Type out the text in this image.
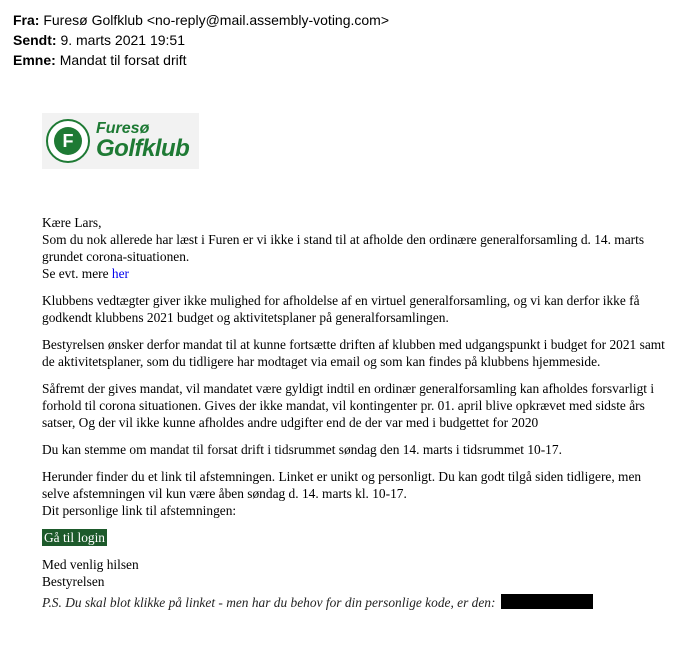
Fra: Furesø Golfklub <no-reply@mail.assembly-voting.com>
Sendt: 9. marts 2021 19:51
Emne: Mandat til forsat drift
F
Furesø
Golfklub

Kære Lars,
Som du nok allerede har læst i Furen er vi ikke i stand til at afholde den ordinære generalforsamling d. 14. marts grundet corona-situationen.
Se evt. mere her

Klubbens vedtægter giver ikke mulighed for afholdelse af en virtuel generalforsamling, og vi kan derfor ikke få godkendt klubbens 2021 budget og aktivitetsplaner på generalforsamlingen.

Bestyrelsen ønsker derfor mandat til at kunne fortsætte driften af klubben med udgangspunkt i budget for 2021 samt de aktivitetsplaner, som du tidligere har modtaget via email og som kan findes på klubbens hjemmeside.

Såfremt der gives mandat, vil mandatet være gyldigt indtil en ordinær generalforsamling kan afholdes forsvarligt i forhold til corona situationen. Gives der ikke mandat, vil kontingenter pr. 01. april blive opkrævet med sidste års satser, Og der vil ikke kunne afholdes andre udgifter end de der var med i budgettet for 2020

Du kan stemme om mandat til forsat drift i tidsrummet søndag den 14. marts i tidsrummet 10-17.

Herunder finder du et link til afstemningen. Linket er unikt og personligt. Du kan godt tilgå siden tidligere, men selve afstemningen vil kun være åben søndag d. 14. marts kl. 10-17.
Dit personlige link til afstemningen:

Gå til login

Med venlig hilsen
Bestyrelsen

P.S. Du skal blot klikke på linket - men har du behov for din personlige kode, er den:
